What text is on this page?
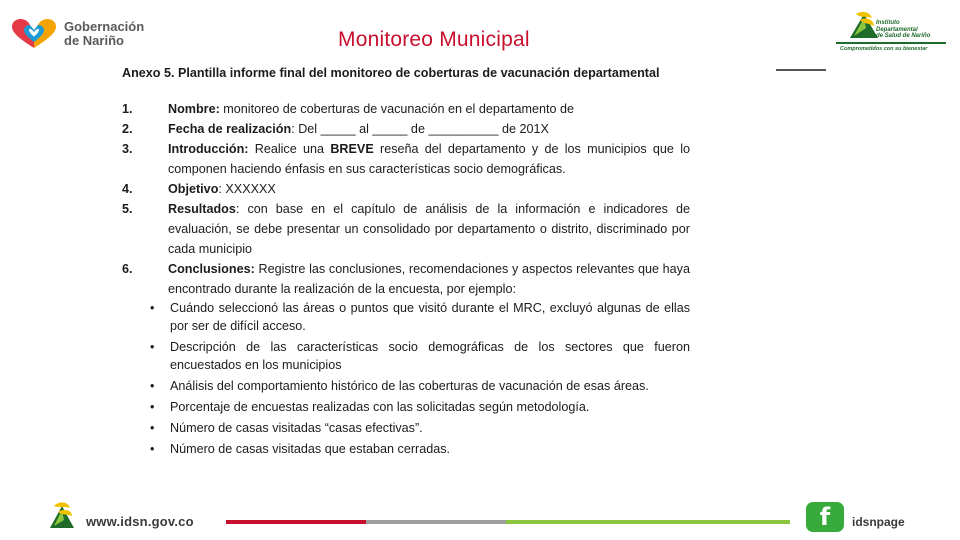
Gobernación
de Nariño	Monitoreo Municipal
Instituto
Departamental
de Salud de Nariño
Comprometidos con su bienestar
Anexo 5. Plantilla informe final del monitoreo de coberturas de vacunación departamental
1.	Nombre: monitoreo de coberturas de vacunación en el departamento de
2.	Fecha de realización: Del _____ al _____ de __________ de 201X
3.	Introducción: Realice una BREVE reseña del departamento y de los municipios que lo componen haciendo énfasis en sus características socio demográficas.
4.	Objetivo: XXXXXX
5.	Resultados: con base en el capítulo de análisis de la información e indicadores de evaluación, se debe presentar un consolidado por departamento o distrito, discriminado por cada municipio
6.	Conclusiones: Registre las conclusiones, recomendaciones y aspectos relevantes que haya encontrado durante la realización de la encuesta, por ejemplo:
• Cuándo seleccionó las áreas o puntos que visitó durante el MRC, excluyó algunas de ellas por ser de difícil acceso.
• Descripción de las características socio demográficas de los sectores que fueron encuestados en los municipios
• Análisis del comportamiento histórico de las coberturas de vacunación de esas áreas.
• Porcentaje de encuestas realizadas con las solicitadas según metodología.
• Número de casas visitadas “casas efectivas”.
• Número de casas visitadas que estaban cerradas.
www.idsn.gov.co	f	idsnpage
